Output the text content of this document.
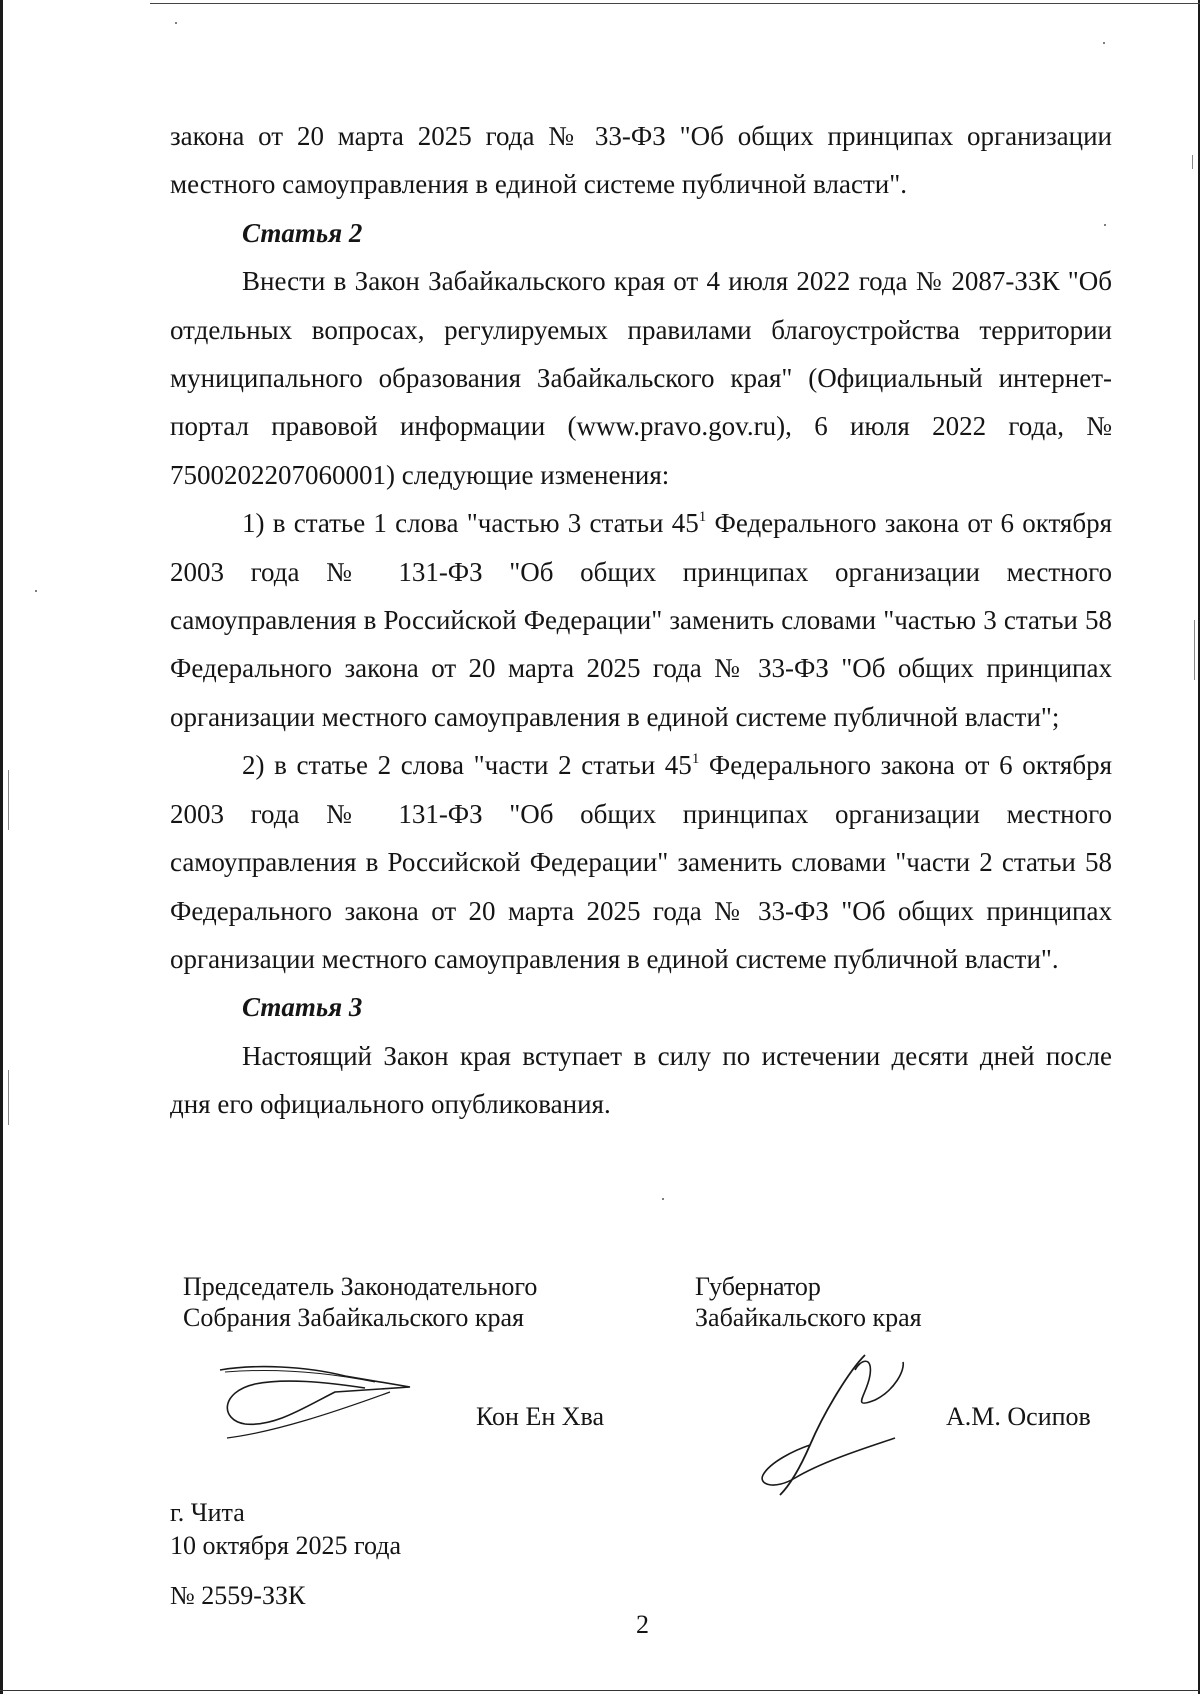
закона от 20 марта 2025 года № 33-ФЗ "Об общих принципах организации местного самоуправления в единой системе публичной власти".

Статья 2

Внести в Закон Забайкальского края от 4 июля 2022 года № 2087-ЗЗК "Об отдельных вопросах, регулируемых правилами благоустройства территории муниципального образования Забайкальского края" (Официальный интернет-портал правовой информации (www.pravo.gov.ru), 6 июля 2022 года, № 7500202207060001) следующие изменения:

1) в статье 1 слова "частью 3 статьи $45^1$ Федерального закона от 6 октября 2003 года № 131-ФЗ "Об общих принципах организации местного самоуправления в Российской Федерации" заменить словами "частью 3 статьи 58 Федерального закона от 20 марта 2025 года № 33-ФЗ "Об общих принципах организации местного самоуправления в единой системе публичной власти";

2) в статье 2 слова "части 2 статьи $45^1$ Федерального закона от 6 октября 2003 года № 131-ФЗ "Об общих принципах организации местного самоуправления в Российской Федерации" заменить словами "части 2 статьи 58 Федерального закона от 20 марта 2025 года № 33-ФЗ "Об общих принципах организации местного самоуправления в единой системе публичной власти".

Статья 3

Настоящий Закон края вступает в силу по истечении десяти дней после дня его официального опубликования.

Председатель Законодательного
Собрания Забайкальского края
Кон Ен Хва
Губернатор
Забайкальского края
А.М. Осипов
г. Чита
10 октября 2025 года
№ 2559-ЗЗК
2
